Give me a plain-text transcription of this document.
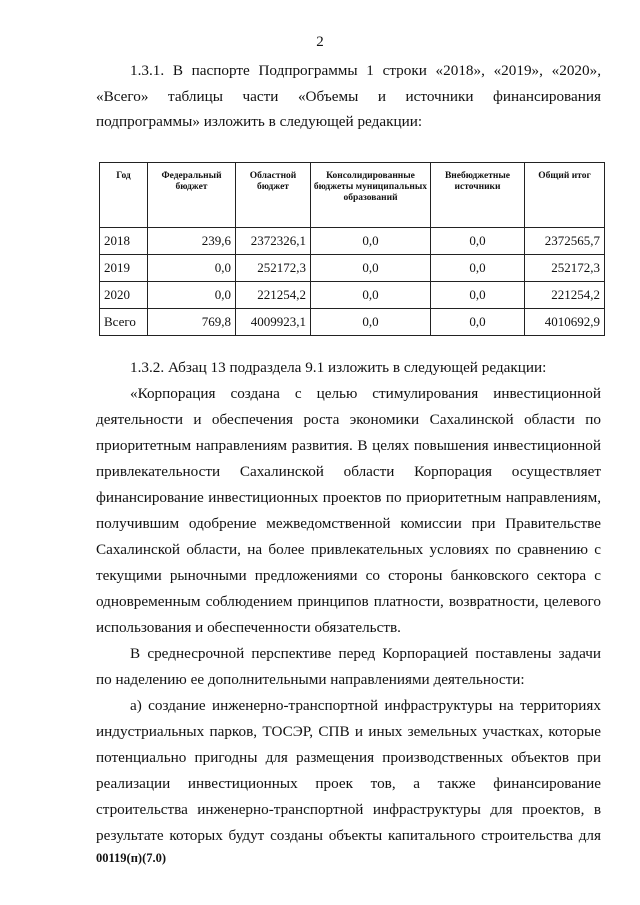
2
1.3.1. В паспорте Подпрограммы 1 строки «2018», «2019», «2020»,
«Всего» таблицы части «Объемы и источники финансирования
подпрограммы» изложить в следующей редакции:
Год	Федеральный бюджет	Областной бюджет	Консолидированные бюджеты муниципальных образований	Внебюджетные источники	Общий итог
2018	239,6	2372326,1	0,0	0,0	2372565,7
2019	0,0	252172,3	0,0	0,0	252172,3
2020	0,0	221254,2	0,0	0,0	221254,2
Всего	769,8	4009923,1	0,0	0,0	4010692,9
1.3.2. Абзац 13 подраздела 9.1 изложить в следующей редакции:
«Корпорация создана с целью стимулирования инвестиционной
деятельности и обеспечения роста экономики Сахалинской области по
приоритетным направлениям развития. В целях повышения инвестиционной
привлекательности Сахалинской области Корпорация осуществляет
финансирование инвестиционных проектов по приоритетным направлениям,
получившим одобрение межведомственной комиссии при Правительстве
Сахалинской области, на более привлекательных условиях по сравнению с
текущими рыночными предложениями со стороны банковского сектора с
одновременным соблюдением принципов платности, возвратности, целевого
использования и обеспеченности обязательств.
В среднесрочной перспективе перед Корпорацией поставлены задачи
по наделению ее дополнительными направлениями деятельности:
а) создание инженерно-транспортной инфраструктуры на территориях
индустриальных парков, ТОСЭР, СПВ и иных земельных участках, которые
потенциально пригодны для размещения производственных объектов при
реализации инвестиционных проек тов, а также финансирование
строительства инженерно-транспортной инфраструктуры для проектов, в
результате которых будут созданы объекты капитального строительства для
00119(п)(7.0)
